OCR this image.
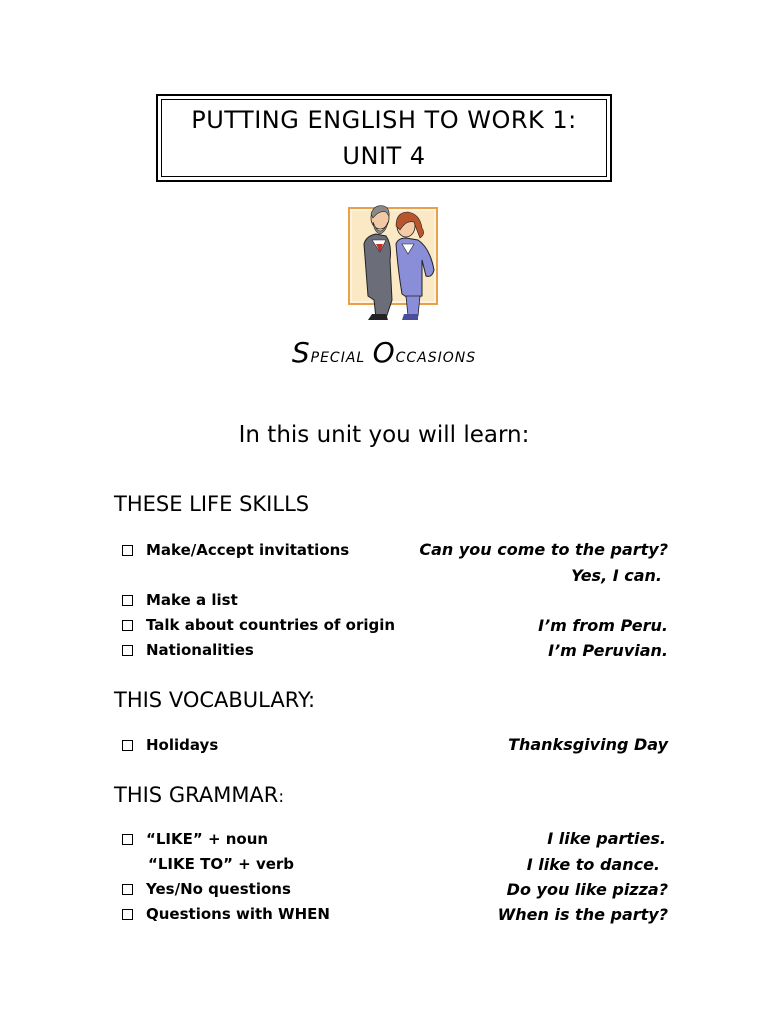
PUTTING ENGLISH TO WORK 1:
UNIT 4
Special Occasions
In this unit you will learn:
THESE LIFE SKILLS
Make/Accept invitations
Make a list
Talk about countries of origin
Nationalities
Can you come to the party?
Yes, I can.
I’m from Peru.
I’m Peruvian.
THIS VOCABULARY:
Holidays	Thanksgiving Day
THIS GRAMMAR:
“LIKE” + noun
“LIKE TO” + verb
Yes/No questions
Questions with WHEN
I like parties.
I like to dance.
Do you like pizza?
When is the party?
